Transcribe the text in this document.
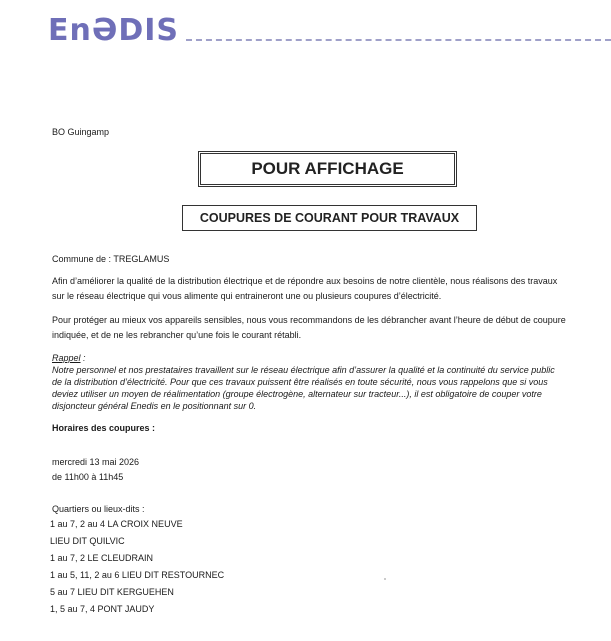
EnƏDIS
BO Guingamp
POUR AFFICHAGE
COUPURES DE COURANT POUR TRAVAUX
Commune de : TREGLAMUS
Afin d’améliorer la qualité de la distribution électrique et de répondre aux besoins de notre clientèle, nous réalisons des travaux
sur le réseau électrique qui vous alimente qui entraineront une ou plusieurs coupures d’électricité.
Pour protéger au mieux vos appareils sensibles, nous vous recommandons de les débrancher avant l’heure de début de coupure
indiquée, et de ne les rebrancher qu’une fois le courant rétabli.
Rappel :
Notre personnel et nos prestataires travaillent sur le réseau électrique afin d’assurer la qualité et la continuité du service public
de la distribution d’électricité. Pour que ces travaux puissent être réalisés en toute sécurité, nous vous rappelons que si vous
deviez utiliser un moyen de réalimentation (groupe électrogène, alternateur sur tracteur...), il est obligatoire de couper votre
disjoncteur général Enedis en le positionnant sur 0.
Horaires des coupures :
mercredi 13 mai 2026
de 11h00 à 11h45
Quartiers ou lieux-dits :
1 au 7, 2 au 4 LA CROIX NEUVE
LIEU DIT QUILVIC
1 au 7, 2 LE CLEUDRAIN
1 au 5, 11, 2 au 6 LIEU DIT RESTOURNEC
5 au 7 LIEU DIT KERGUEHEN
1, 5 au 7, 4 PONT JAUDY
